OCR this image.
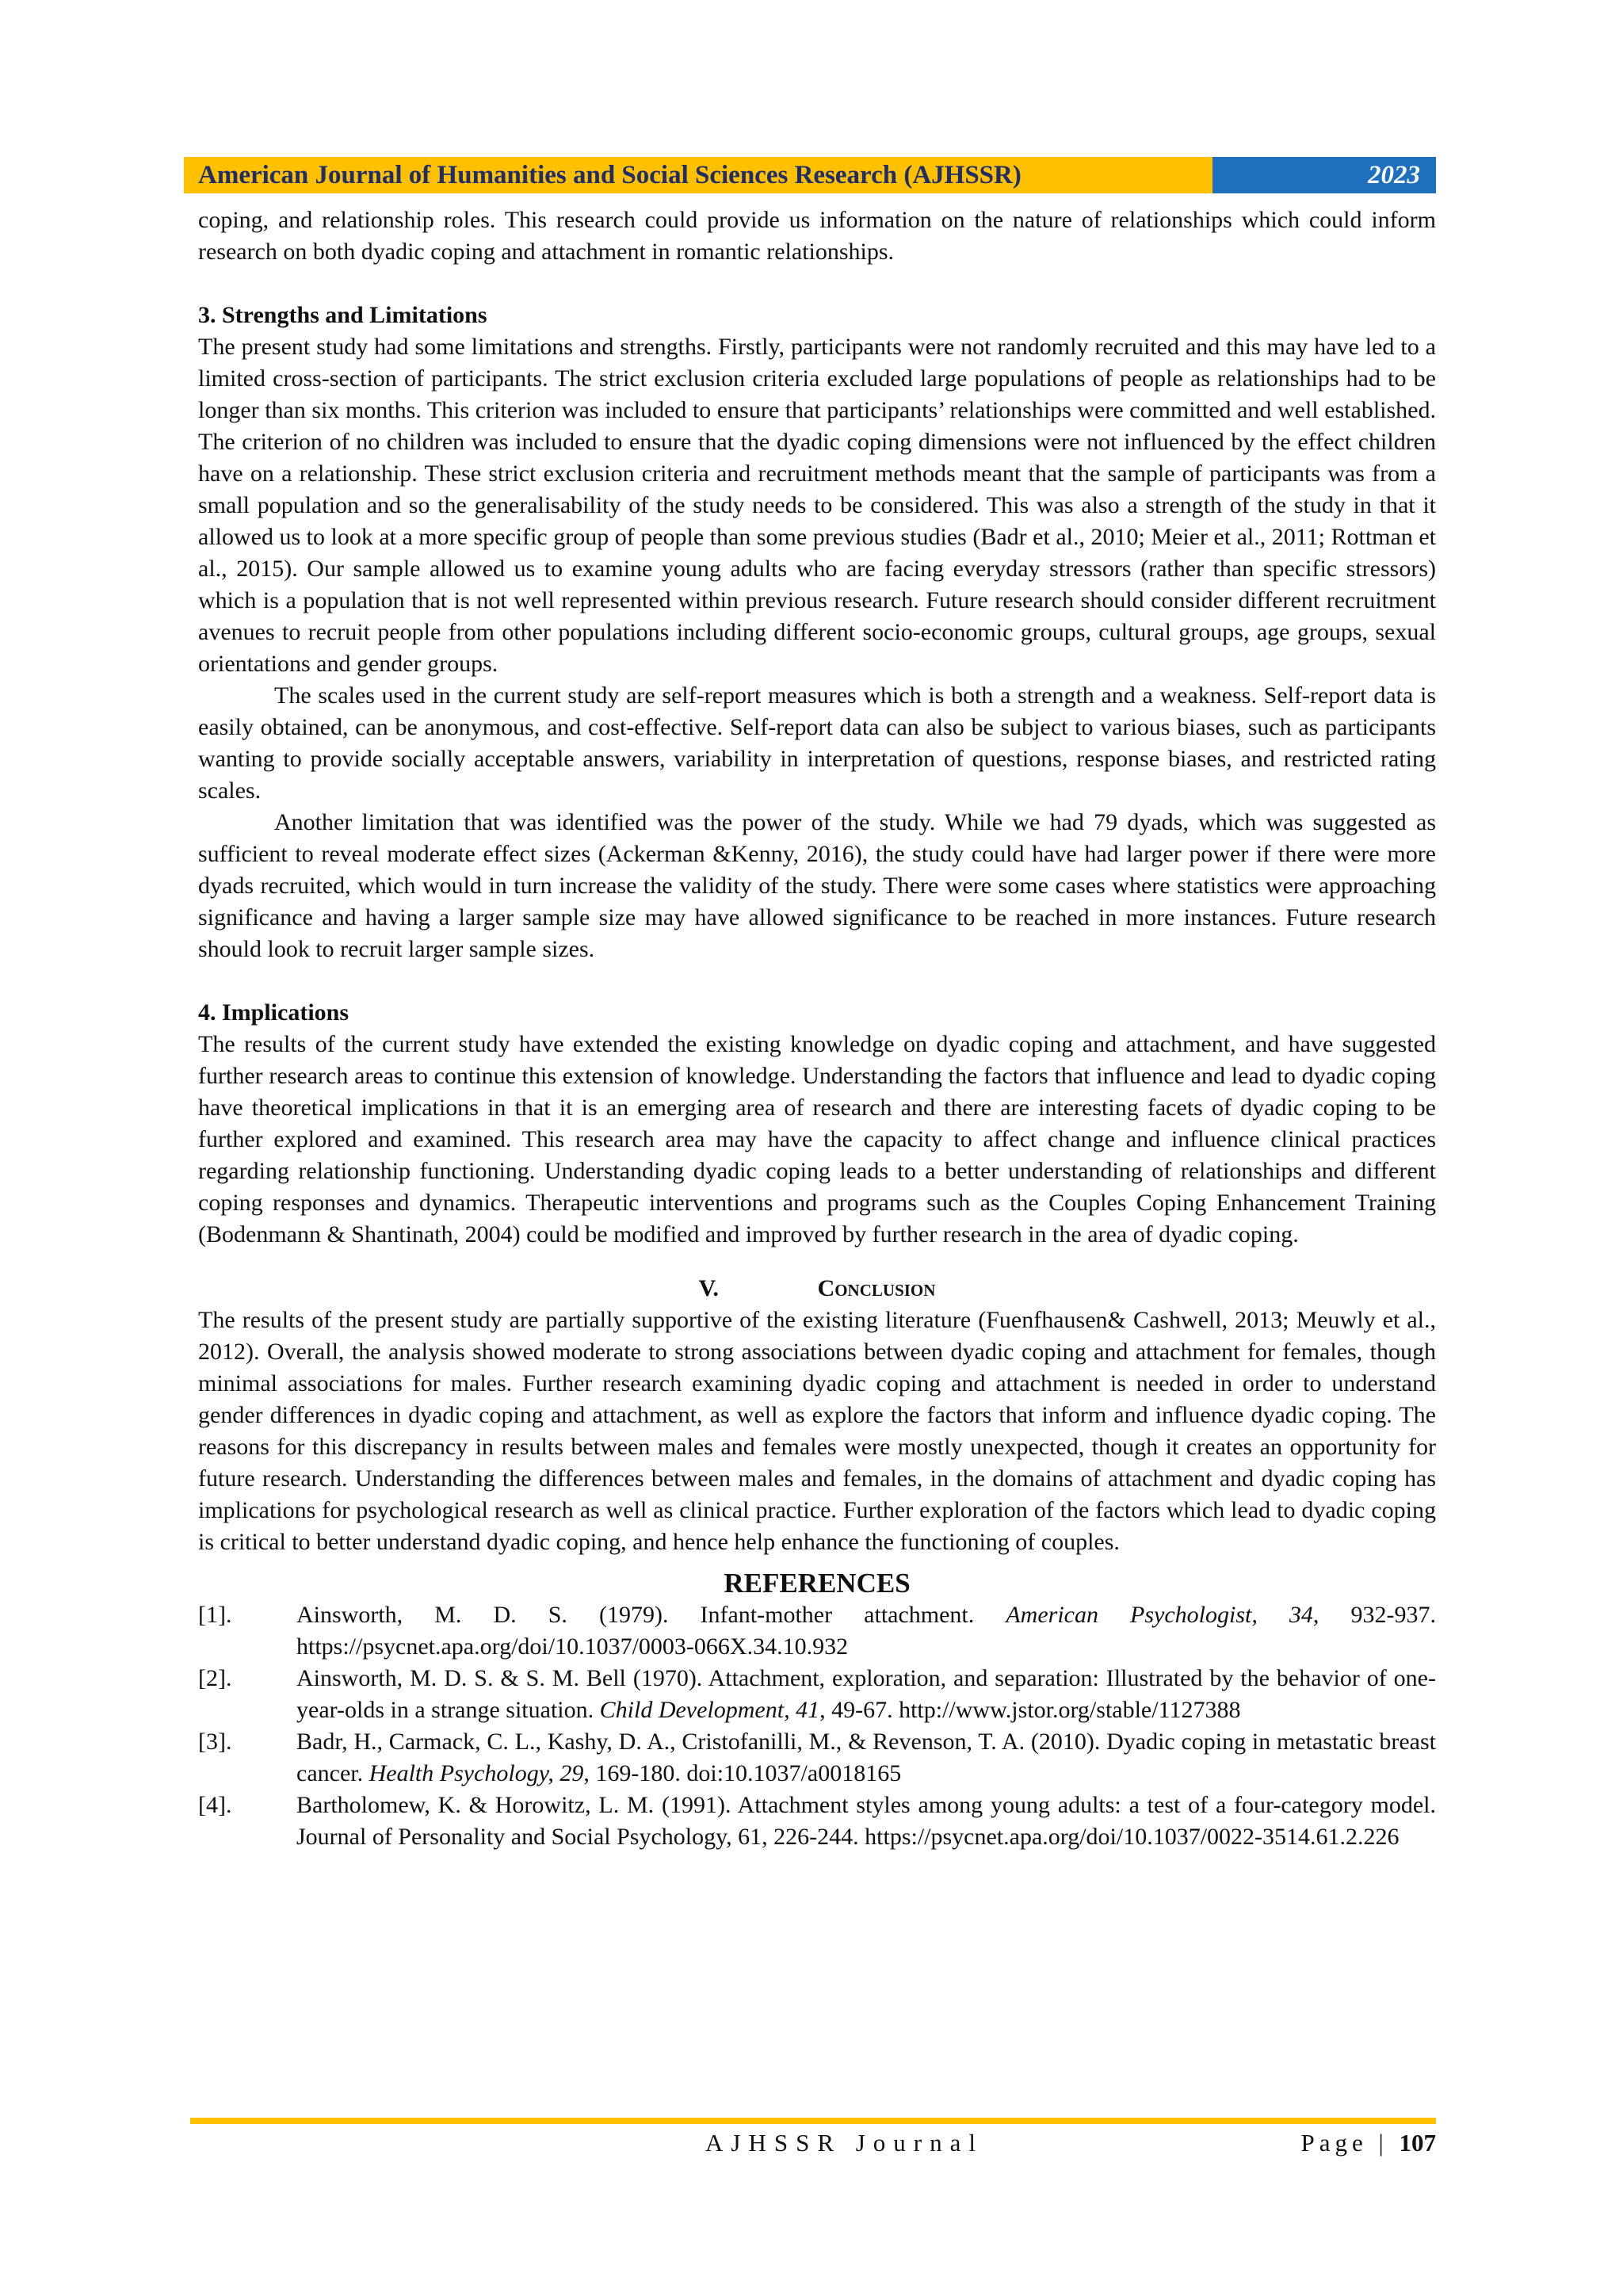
American Journal of Humanities and Social Sciences Research (AJHSSR)	2023

coping, and relationship roles. This research could provide us information on the nature of relationships which could inform research on both dyadic coping and attachment in romantic relationships.

3. Strengths and Limitations

The present study had some limitations and strengths. Firstly, participants were not randomly recruited and this may have led to a limited cross-section of participants. The strict exclusion criteria excluded large populations of people as relationships had to be longer than six months. This criterion was included to ensure that participants’ relationships were committed and well established. The criterion of no children was included to ensure that the dyadic coping dimensions were not influenced by the effect children have on a relationship. These strict exclusion criteria and recruitment methods meant that the sample of participants was from a small population and so the generalisability of the study needs to be considered. This was also a strength of the study in that it allowed us to look at a more specific group of people than some previous studies (Badr et al., 2010; Meier et al., 2011; Rottman et al., 2015). Our sample allowed us to examine young adults who are facing everyday stressors (rather than specific stressors) which is a population that is not well represented within previous research. Future research should consider different recruitment avenues to recruit people from other populations including different socio-economic groups, cultural groups, age groups, sexual orientations and gender groups.

The scales used in the current study are self-report measures which is both a strength and a weakness. Self-report data is easily obtained, can be anonymous, and cost-effective. Self-report data can also be subject to various biases, such as participants wanting to provide socially acceptable answers, variability in interpretation of questions, response biases, and restricted rating scales.

Another limitation that was identified was the power of the study. While we had 79 dyads, which was suggested as sufficient to reveal moderate effect sizes (Ackerman &Kenny, 2016), the study could have had larger power if there were more dyads recruited, which would in turn increase the validity of the study. There were some cases where statistics were approaching significance and having a larger sample size may have allowed significance to be reached in more instances. Future research should look to recruit larger sample sizes.

4. Implications

The results of the current study have extended the existing knowledge on dyadic coping and attachment, and have suggested further research areas to continue this extension of knowledge. Understanding the factors that influence and lead to dyadic coping have theoretical implications in that it is an emerging area of research and there are interesting facets of dyadic coping to be further explored and examined. This research area may have the capacity to affect change and influence clinical practices regarding relationship functioning. Understanding dyadic coping leads to a better understanding of relationships and different coping responses and dynamics. Therapeutic interventions and programs such as the Couples Coping Enhancement Training (Bodenmann & Shantinath, 2004) could be modified and improved by further research in the area of dyadic coping.

V.	Conclusion

The results of the present study are partially supportive of the existing literature (Fuenfhausen& Cashwell, 2013; Meuwly et al., 2012). Overall, the analysis showed moderate to strong associations between dyadic coping and attachment for females, though minimal associations for males. Further research examining dyadic coping and attachment is needed in order to understand gender differences in dyadic coping and attachment, as well as explore the factors that inform and influence dyadic coping. The reasons for this discrepancy in results between males and females were mostly unexpected, though it creates an opportunity for future research. Understanding the differences between males and females, in the domains of attachment and dyadic coping has implications for psychological research as well as clinical practice. Further exploration of the factors which lead to dyadic coping is critical to better understand dyadic coping, and hence help enhance the functioning of couples.

REFERENCES
[1].	Ainsworth, M. D. S. (1979). Infant-mother attachment. American Psychologist, 34, 932-937. https://psycnet.apa.org/doi/10.1037/0003-066X.34.10.932
[2].	Ainsworth, M. D. S. & S. M. Bell (1970). Attachment, exploration, and separation: Illustrated by the behavior of one-year-olds in a strange situation. Child Development, 41, 49-67. http://www.jstor.org/stable/1127388
[3].	Badr, H., Carmack, C. L., Kashy, D. A., Cristofanilli, M., & Revenson, T. A. (2010). Dyadic coping in metastatic breast cancer. Health Psychology, 29, 169-180. doi:10.1037/a0018165
[4].	Bartholomew, K. & Horowitz, L. M. (1991). Attachment styles among young adults: a test of a four-category model. Journal of Personality and Social Psychology, 61, 226-244. https://psycnet.apa.org/doi/10.1037/0022-3514.61.2.226
AJHSSR Journal	Page | 107
